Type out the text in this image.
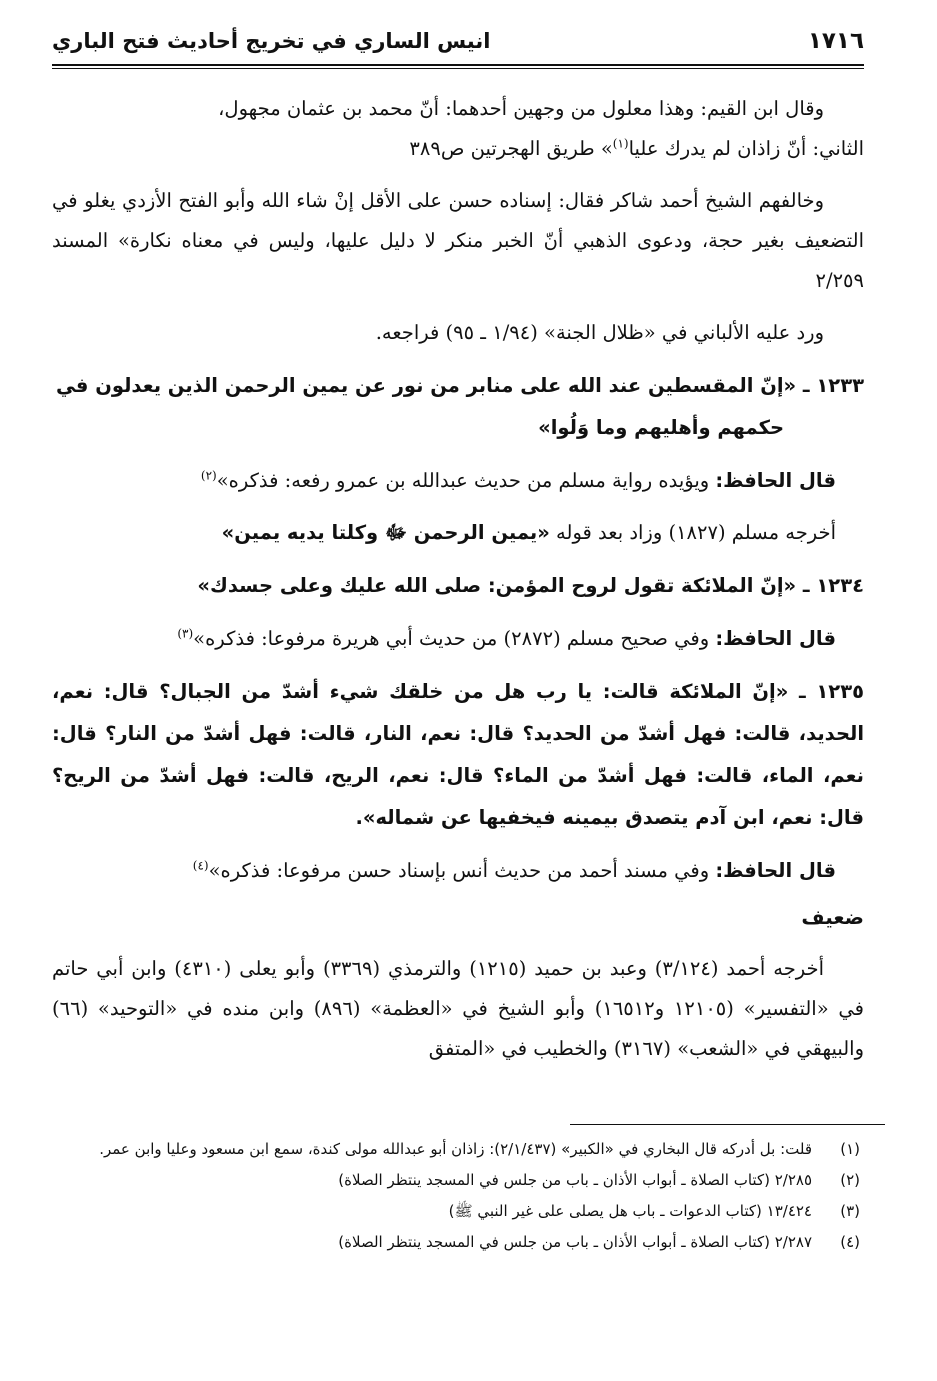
١٧١٦
انيس الساري في تخريج أحاديث فتح الباري

وقال ابن القيم: وهذا معلول من وجهين أحدهما: أنّ محمد بن عثمان مجهول،
الثاني: أنّ زاذان لم يدرك عليا$^{(١)}$» طريق الهجرتين ص٣٨٩

وخالفهم الشيخ أحمد شاكر فقال: إسناده حسن على الأقل إنْ شاء الله وأبو الفتح الأزدي يغلو في التضعيف بغير حجة، ودعوى الذهبي أنّ الخبر منكر لا دليل عليها، وليس في معناه نكارة» المسند ٢/٢٥٩

ورد عليه الألباني في «ظلال الجنة» (١/٩٤ ـ ٩٥) فراجعه.

١٢٣٣ ـ «إنّ المقسطين عند الله على منابر من نور عن يمين الرحمن الذين يعدلون في
حكمهم وأهليهم وما وَلُوا»

قال الحافظ: ويؤيده رواية مسلم من حديث عبدالله بن عمرو رفعه: فذكره»$^{(٢)}$

أخرجه مسلم (١٨٢٧) وزاد بعد قوله «يمين الرحمن ﷻ وكلتا يديه يمين»

١٢٣٤ ـ «إنّ الملائكة تقول لروح المؤمن: صلى الله عليك وعلى جسدك»

قال الحافظ: وفي صحيح مسلم (٢٨٧٢) من حديث أبي هريرة مرفوعا: فذكره»$^{(٣)}$

١٢٣٥ ـ «إنّ الملائكة قالت: يا رب هل من خلقك شيء أشدّ من الجبال؟ قال: نعم، الحديد، قالت: فهل أشدّ من الحديد؟ قال: نعم، النار، قالت: فهل أشدّ من النار؟ قال: نعم، الماء، قالت: فهل أشدّ من الماء؟ قال: نعم، الريح، قالت: فهل أشدّ من الريح؟ قال: نعم، ابن آدم يتصدق بيمينه فيخفيها عن شماله».

قال الحافظ: وفي مسند أحمد من حديث أنس بإسناد حسن مرفوعا: فذكره»$^{(٤)}$

ضعيف

أخرجه أحمد (٣/١٢٤) وعبد بن حميد (١٢١٥) والترمذي (٣٣٦٩) وأبو يعلى (٤٣١٠) وابن أبي حاتم في «التفسير» (١٢١٠٥ و١٦٥١٢) وأبو الشيخ في «العظمة» (٨٩٦) وابن منده في «التوحيد» (٦٦) والبيهقي في «الشعب» (٣١٦٧) والخطيب في «المتفق

(١)
قلت: بل أدركه قال البخاري في «الكبير» (٢/١/٤٣٧): زاذان أبو عبدالله مولى كندة، سمع ابن مسعود وعليا وابن عمر.
(٢)
٢/٢٨٥ (كتاب الصلاة ـ أبواب الأذان ـ باب من جلس في المسجد ينتظر الصلاة)
(٣)
١٣/٤٢٤ (كتاب الدعوات ـ باب هل يصلى على غير النبي ﷺ)
(٤)
٢/٢٨٧ (كتاب الصلاة ـ أبواب الأذان ـ باب من جلس في المسجد ينتظر الصلاة)
